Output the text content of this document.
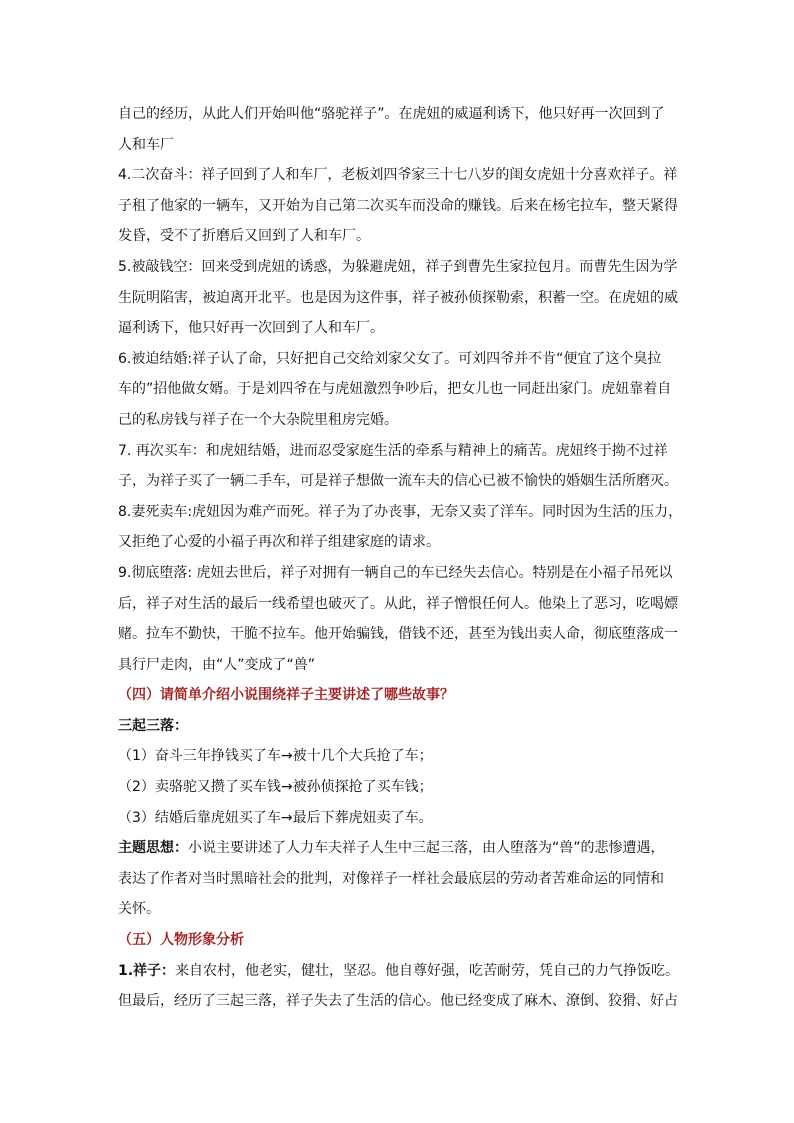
自己的经历，从此人们开始叫他“骆驼祥子”。在虎妞的威逼利诱下，他只好再一次回到了
人和车厂
4.二次奋斗：祥子回到了人和车厂，老板刘四爷家三十七八岁的闺女虎妞十分喜欢祥子。祥
子租了他家的一辆车，又开始为自己第二次买车而没命的赚钱。后来在杨宅拉车，整天紧得
发昏，受不了折磨后又回到了人和车厂。
5.被敲钱空：回来受到虎妞的诱惑，为躲避虎妞，祥子到曹先生家拉包月。而曹先生因为学
生阮明陷害，被迫离开北平。也是因为这件事，祥子被孙侦探勒索，积蓄一空。在虎妞的威
逼利诱下，他只好再一次回到了人和车厂。
6.被迫结婚:祥子认了命，只好把自己交给刘家父女了。可刘四爷并不肯“便宜了这个臭拉
车的”招他做女婿。于是刘四爷在与虎妞激烈争吵后，把女儿也一同赶出家门。虎妞靠着自
己的私房钱与祥子在一个大杂院里租房完婚。
7. 再次买车：和虎妞结婚，进而忍受家庭生活的牵系与精神上的痛苦。虎妞终于拗不过祥
子，为祥子买了一辆二手车，可是祥子想做一流车夫的信心已被不愉快的婚姻生活所磨灭。
8.妻死卖车:虎妞因为难产而死。祥子为了办丧事，无奈又卖了洋车。同时因为生活的压力，
又拒绝了心爱的小福子再次和祥子组建家庭的请求。
9.彻底堕落: 虎妞去世后，祥子对拥有一辆自己的车已经失去信心。特别是在小福子吊死以
后，祥子对生活的最后一线希望也破灭了。从此，祥子憎恨任何人。他染上了恶习，吃喝嫖
赌。拉车不勤快，干脆不拉车。他开始骗钱，借钱不还，甚至为钱出卖人命，彻底堕落成一
具行尸走肉，由“人”变成了“兽”
（四）请简单介绍小说围绕祥子主要讲述了哪些故事？
三起三落：
（1）奋斗三年挣钱买了车→被十几个大兵抢了车；
（2）卖骆驼又攒了买车钱→被孙侦探抢了买车钱；
（3）结婚后靠虎妞买了车→最后下葬虎妞卖了车。
主题思想：小说主要讲述了人力车夫祥子人生中三起三落，由人堕落为“兽”的悲惨遭遇，
表达了作者对当时黑暗社会的批判，对像祥子一样社会最底层的劳动者苦难命运的同情和
关怀。
（五）人物形象分析
1.祥子：来自农村，他老实，健壮，坚忍。他自尊好强，吃苦耐劳，凭自己的力气挣饭吃。
但最后，经历了三起三落，祥子失去了生活的信心。他已经变成了麻木、潦倒、狡猾、好占
